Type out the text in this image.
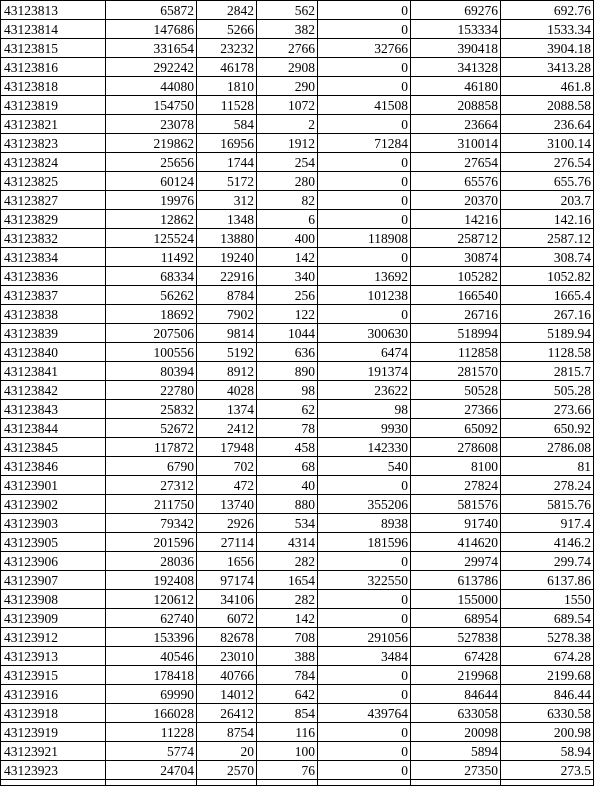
43123813	65872	2842	562	0	69276	692.76
43123814	147686	5266	382	0	153334	1533.34
43123815	331654	23232	2766	32766	390418	3904.18
43123816	292242	46178	2908	0	341328	3413.28
43123818	44080	1810	290	0	46180	461.8
43123819	154750	11528	1072	41508	208858	2088.58
43123821	23078	584	2	0	23664	236.64
43123823	219862	16956	1912	71284	310014	3100.14
43123824	25656	1744	254	0	27654	276.54
43123825	60124	5172	280	0	65576	655.76
43123827	19976	312	82	0	20370	203.7
43123829	12862	1348	6	0	14216	142.16
43123832	125524	13880	400	118908	258712	2587.12
43123834	11492	19240	142	0	30874	308.74
43123836	68334	22916	340	13692	105282	1052.82
43123837	56262	8784	256	101238	166540	1665.4
43123838	18692	7902	122	0	26716	267.16
43123839	207506	9814	1044	300630	518994	5189.94
43123840	100556	5192	636	6474	112858	1128.58
43123841	80394	8912	890	191374	281570	2815.7
43123842	22780	4028	98	23622	50528	505.28
43123843	25832	1374	62	98	27366	273.66
43123844	52672	2412	78	9930	65092	650.92
43123845	117872	17948	458	142330	278608	2786.08
43123846	6790	702	68	540	8100	81
43123901	27312	472	40	0	27824	278.24
43123902	211750	13740	880	355206	581576	5815.76
43123903	79342	2926	534	8938	91740	917.4
43123905	201596	27114	4314	181596	414620	4146.2
43123906	28036	1656	282	0	29974	299.74
43123907	192408	97174	1654	322550	613786	6137.86
43123908	120612	34106	282	0	155000	1550
43123909	62740	6072	142	0	68954	689.54
43123912	153396	82678	708	291056	527838	5278.38
43123913	40546	23010	388	3484	67428	674.28
43123915	178418	40766	784	0	219968	2199.68
43123916	69990	14012	642	0	84644	846.44
43123918	166028	26412	854	439764	633058	6330.58
43123919	11228	8754	116	0	20098	200.98
43123921	5774	20	100	0	5894	58.94
43123923	24704	2570	76	0	27350	273.5
